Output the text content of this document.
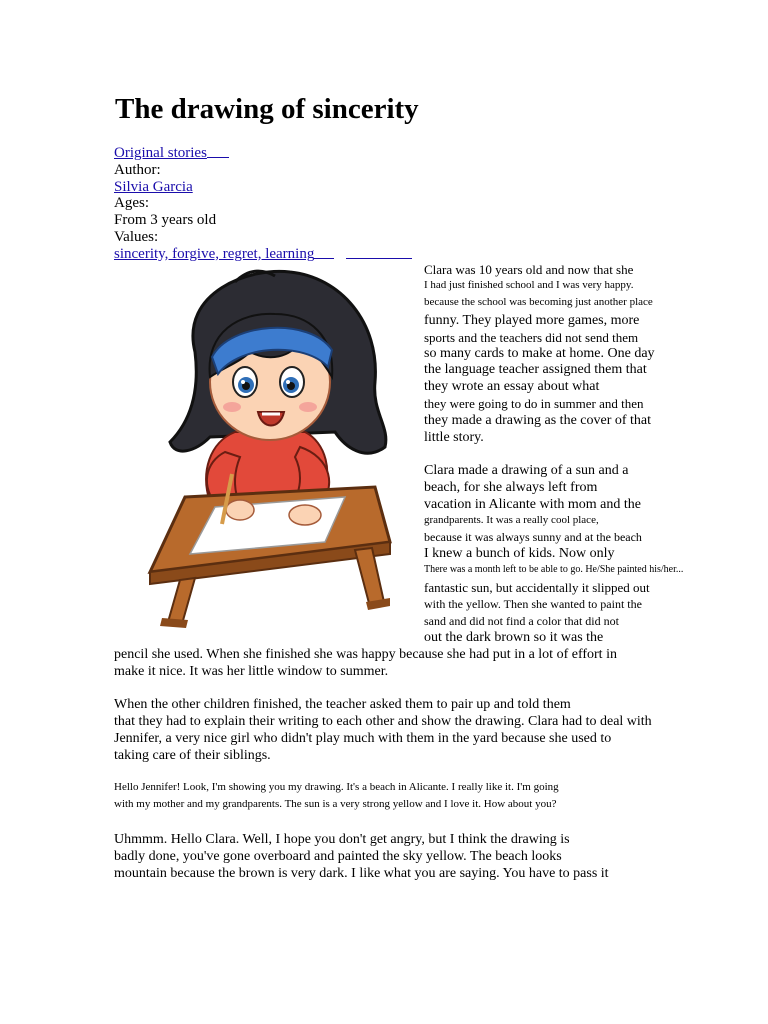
The drawing of sincerity
Original stories
Author:
Silvia Garcia
Ages:
From 3 years old
Values:
sincerity, forgive, regret, learning
Clara was 10 years old and now that she
I had just finished school and I was very happy.
because the school was becoming just another place
funny. They played more games, more
sports and the teachers did not send them
so many cards to make at home. One day
the language teacher assigned them that
they wrote an essay about what
they were going to do in summer and then
they made a drawing as the cover of that
little story.
Clara made a drawing of a sun and a
beach, for she always left from
vacation in Alicante with mom and the
grandparents. It was a really cool place,
because it was always sunny and at the beach
I knew a bunch of kids. Now only
There was a month left to be able to go. He/She painted his/her...
fantastic sun, but accidentally it slipped out
with the yellow. Then she wanted to paint the
sand and did not find a color that did not
out the dark brown so it was the
pencil she used. When she finished she was happy because she had put in a lot of effort in
make it nice. It was her little window to summer.
When the other children finished, the teacher asked them to pair up and told them
that they had to explain their writing to each other and show the drawing. Clara had to deal with
Jennifer, a very nice girl who didn't play much with them in the yard because she used to
taking care of their siblings.
Hello Jennifer! Look, I'm showing you my drawing. It's a beach in Alicante. I really like it. I'm going
with my mother and my grandparents. The sun is a very strong yellow and I love it. How about you?
Uhmmm. Hello Clara. Well, I hope you don't get angry, but I think the drawing is
badly done, you've gone overboard and painted the sky yellow. The beach looks
mountain because the brown is very dark. I like what you are saying. You have to pass it
